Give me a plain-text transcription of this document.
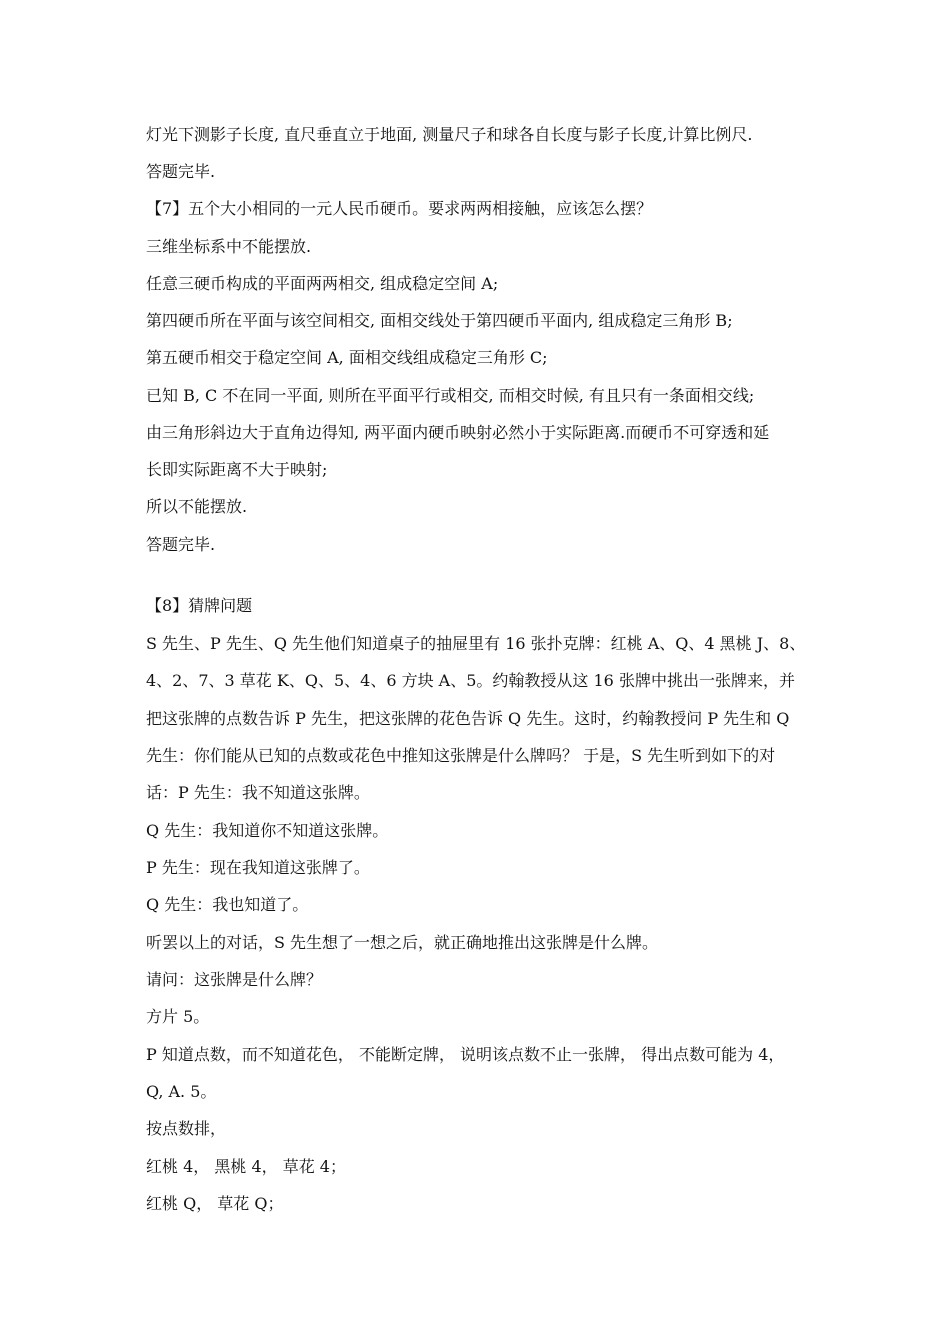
灯光下测影子长度, 直尺垂直立于地面, 测量尺子和球各自长度与影子长度,计算比例尺.
答题完毕.
【7】五个大小相同的一元人民币硬币。要求两两相接触，应该怎么摆？
三维坐标系中不能摆放.
任意三硬币构成的平面两两相交, 组成稳定空间 A;
第四硬币所在平面与该空间相交, 面相交线处于第四硬币平面内, 组成稳定三角形 B;
第五硬币相交于稳定空间 A, 面相交线组成稳定三角形 C;
已知 B, C 不在同一平面, 则所在平面平行或相交, 而相交时候, 有且只有一条面相交线;
由三角形斜边大于直角边得知, 两平面内硬币映射必然小于实际距离.而硬币不可穿透和延
长即实际距离不大于映射;
所以不能摆放.
答题完毕.
【8】猜牌问题
S 先生、P 先生、Q 先生他们知道桌子的抽屉里有 16 张扑克牌：红桃 A、Q、4 黑桃 J、8、
4、2、7、3 草花 K、Q、5、4、6 方块 A、5。约翰教授从这 16 张牌中挑出一张牌来，并
把这张牌的点数告诉 P 先生，把这张牌的花色告诉 Q 先生。这时，约翰教授问 P 先生和 Q
先生：你们能从已知的点数或花色中推知这张牌是什么牌吗？ 于是，S 先生听到如下的对
话：P 先生：我不知道这张牌。
Q 先生：我知道你不知道这张牌。
P 先生：现在我知道这张牌了。
Q 先生：我也知道了。
听罢以上的对话，S 先生想了一想之后，就正确地推出这张牌是什么牌。
请问：这张牌是什么牌？
方片 5。
P 知道点数，而不知道花色， 不能断定牌， 说明该点数不止一张牌， 得出点数可能为 4，
Q, A. 5。
按点数排，
红桃 4， 黑桃 4， 草花 4；
红桃 Q， 草花 Q；
